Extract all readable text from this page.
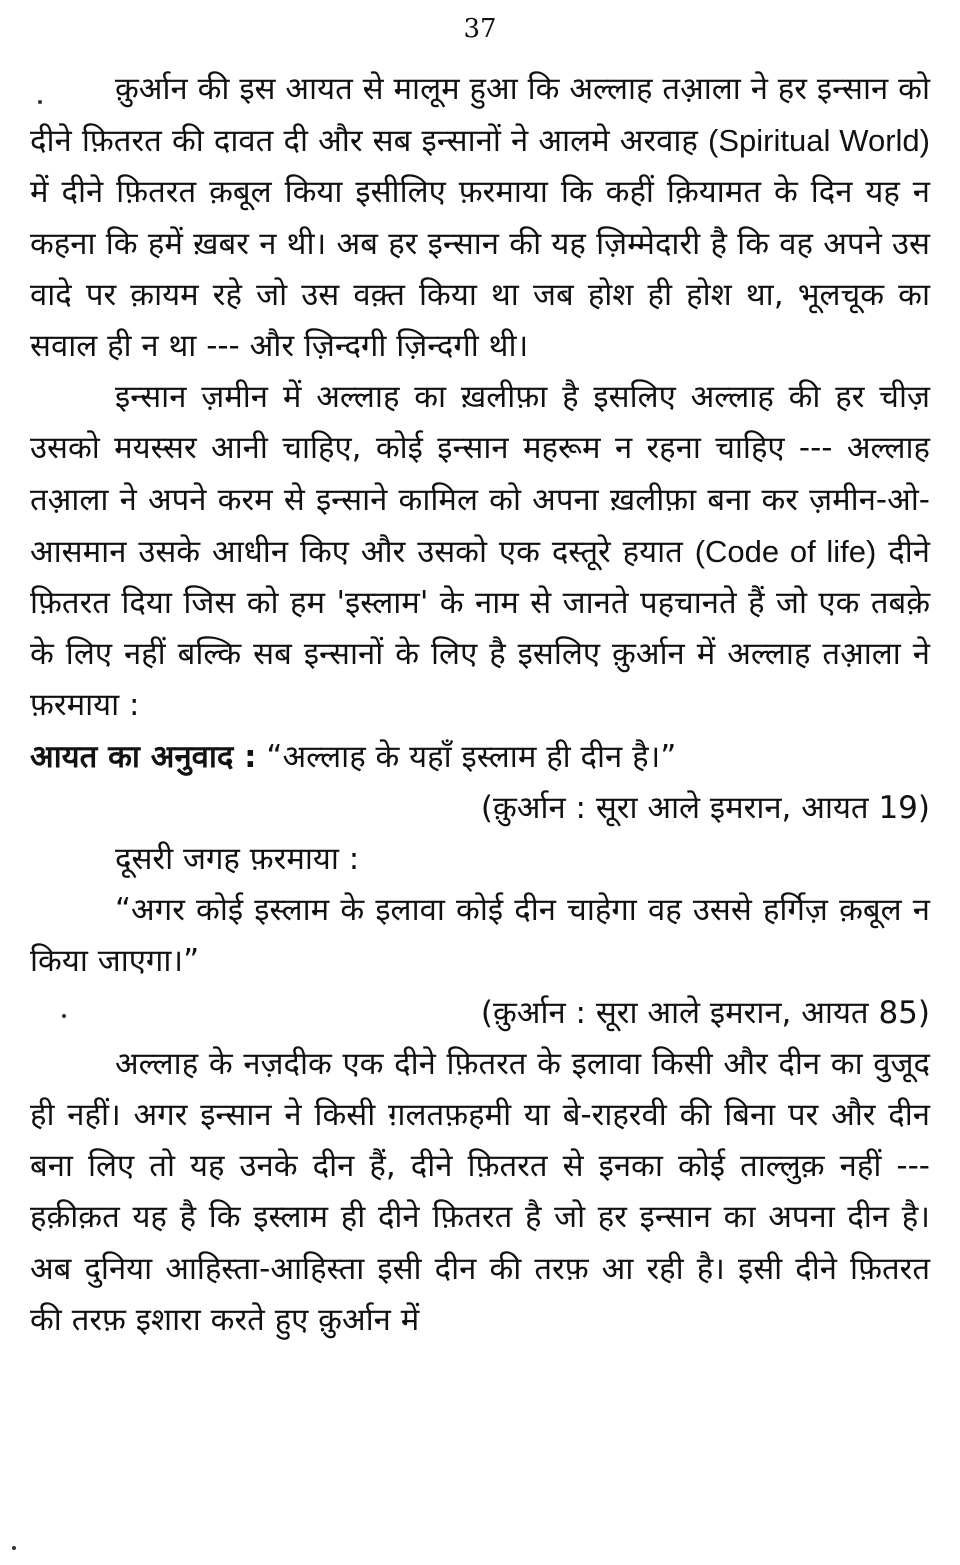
37

क़ुर्आन की इस आयत से मालूम हुआ कि अल्लाह तआ़ला ने हर इन्सान को दीने फ़ितरत की दावत दी और सब इन्सानों ने आलमे अरवाह (Spiritual World) में दीने फ़ितरत क़बूल किया इसीलिए फ़रमाया कि कहीं क़ियामत के दिन यह न कहना कि हमें ख़बर न थी। अब हर इन्सान की यह ज़िम्मेदारी है कि वह अपने उस वादे पर क़ायम रहे जो उस वक़्त किया था जब होश ही होश था, भूलचूक का सवाल ही न था --- और ज़िन्दगी ज़िन्दगी थी।

इन्सान ज़मीन में अल्लाह का ख़लीफ़ा है इसलिए अल्लाह की हर चीज़ उसको मयस्सर आनी चाहिए, कोई इन्सान महरूम न रहना चाहिए --- अल्लाह तआ़ला ने अपने करम से इन्साने कामिल को अपना ख़लीफ़ा बना कर ज़मीन-ओ-आसमान उसके आधीन किए और उसको एक दस्तूरे हयात (Code of life) दीने फ़ितरत दिया जिस को हम 'इस्लाम' के नाम से जानते पहचानते हैं जो एक तबक़े के लिए नहीं बल्कि सब इन्सानों के लिए है इसलिए क़ुर्आन में अल्लाह तआ़ला ने फ़रमाया :

आयत का अनुवाद : “अल्लाह के यहाँ इस्लाम ही दीन है।”

(क़ुर्आन : सूरा आले इमरान, आयत 19)

दूसरी जगह फ़रमाया :

“अगर कोई इस्लाम के इलावा कोई दीन चाहेगा वह उससे हर्गिज़ क़बूल न किया जाएगा।”

(क़ुर्आन : सूरा आले इमरान, आयत 85)

अल्लाह के नज़दीक एक दीने फ़ितरत के इलावा किसी और दीन का वुजूद ही नहीं। अगर इन्सान ने किसी ग़लतफ़हमी या बे-राहरवी की बिना पर और दीन बना लिए तो यह उनके दीन हैं, दीने फ़ितरत से इनका कोई ताल्लुक़ नहीं --- हक़ीक़त यह है कि इस्लाम ही दीने फ़ितरत है जो हर इन्सान का अपना दीन है। अब दुनिया आहिस्ता-आहिस्ता इसी दीन की तरफ़ आ रही है। इसी दीने फ़ितरत की तरफ़ इशारा करते हुए क़ुर्आन में
